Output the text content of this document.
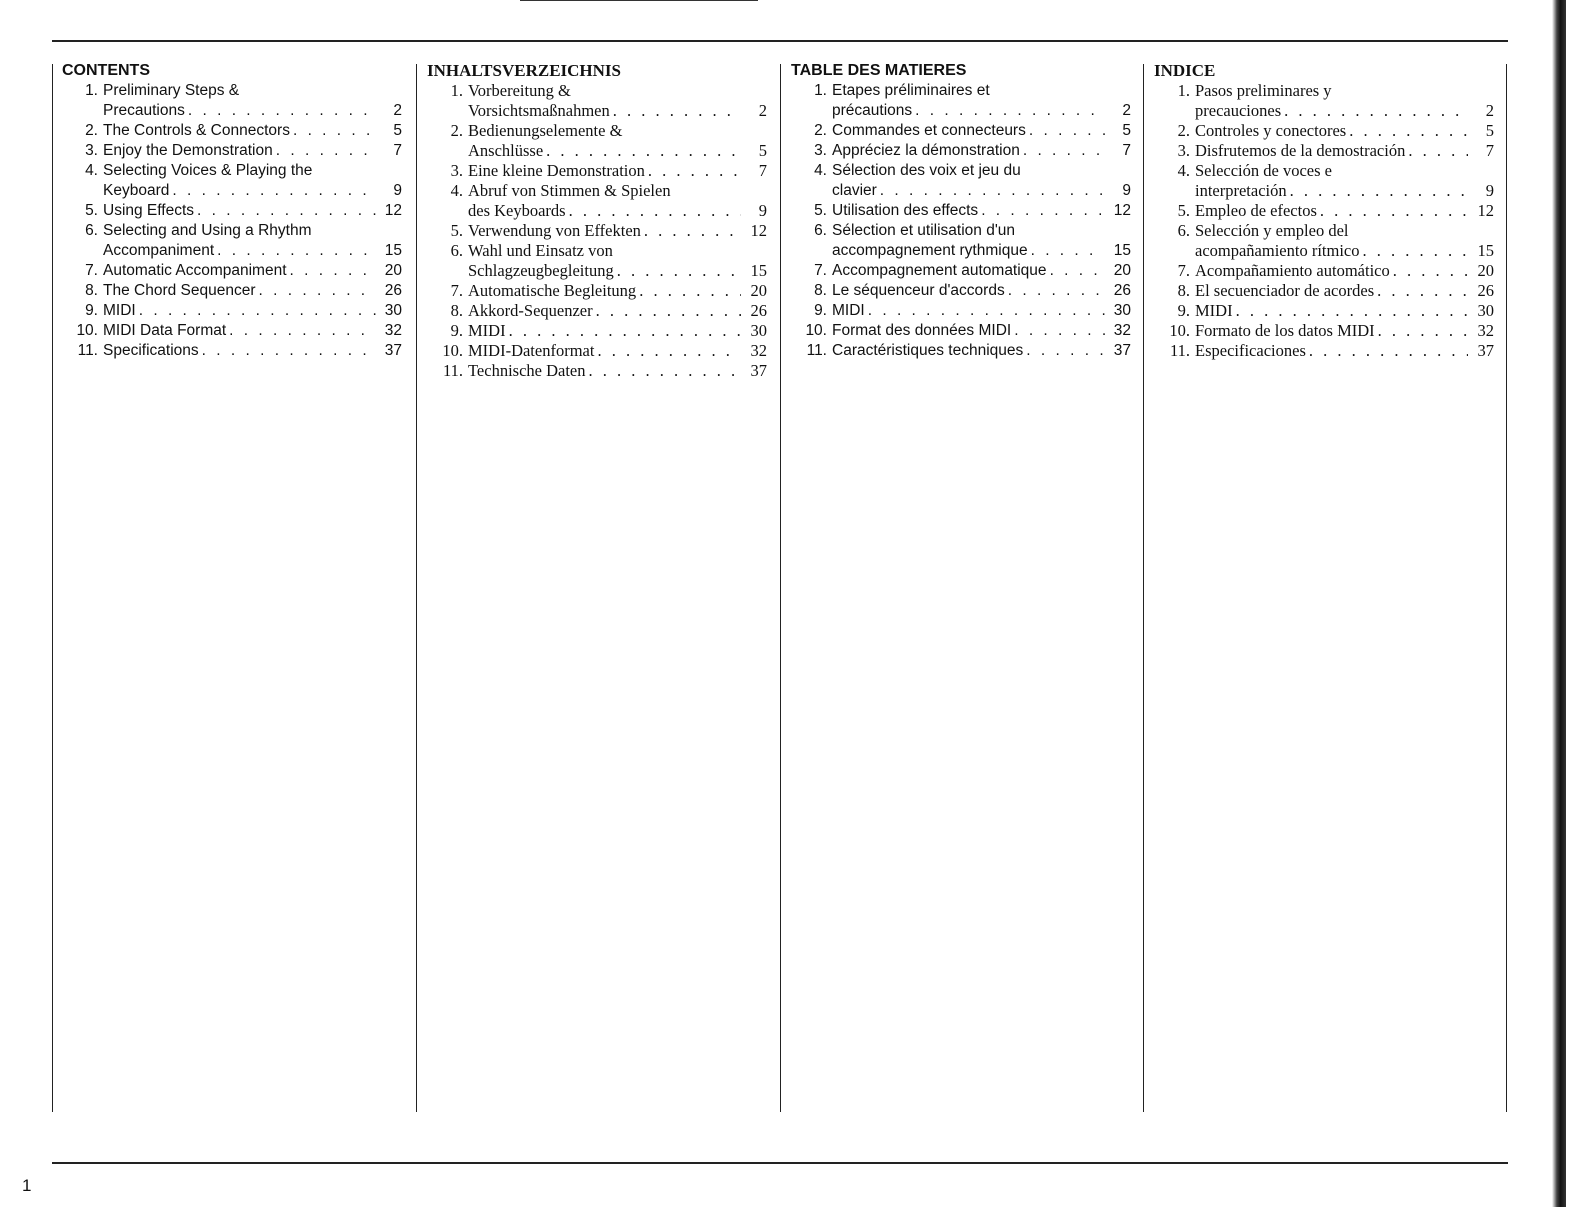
CONTENTS
1. Preliminary Steps &
Precautions . . .	2
2. The Controls & Connectors . . .	5
3. Enjoy the Demonstration . . .	7
4. Selecting Voices & Playing the
Keyboard . . .	9
5. Using Effects . . .	12
6. Selecting and Using a Rhythm
Accompaniment . . .	15
7. Automatic Accompaniment . . .	20
8. The Chord Sequencer . . .	26
9. MIDI . . .	30
10. MIDI Data Format . . .	32
11. Specifications . . .	37
INHALTSVERZEICHNIS
1. Vorbereitung &
Vorsichtsmaßnahmen . . .	2
2. Bedienungselemente &
Anschlüsse . . .	5
3. Eine kleine Demonstration . . .	7
4. Abruf von Stimmen & Spielen
des Keyboards . . .	9
5. Verwendung von Effekten . . .	12
6. Wahl und Einsatz von
Schlagzeugbegleitung . . .	15
7. Automatische Begleitung . . .	20
8. Akkord-Sequenzer . . .	26
9. MIDI . . .	30
10. MIDI-Datenformat . . .	32
11. Technische Daten . . .	37
TABLE DES MATIERES
1. Etapes préliminaires et
précautions . . .	2
2. Commandes et connecteurs . . .	5
3. Appréciez la démonstration . . .	7
4. Sélection des voix et jeu du
clavier . . .	9
5. Utilisation des effects . . .	12
6. Sélection et utilisation d'un
accompagnement rythmique . . .	15
7. Accompagnement automatique . . .	20
8. Le séquenceur d'accords . . .	26
9. MIDI . . .	30
10. Format des données MIDI . . .	32
11. Caractéristiques techniques . . .	37
INDICE
1. Pasos preliminares y
precauciones . . .	2
2. Controles y conectores . . .	5
3. Disfrutemos de la demostración . . .	7
4. Selección de voces e
interpretación . . .	9
5. Empleo de efectos . . .	12
6. Selección y empleo del
acompañamiento rítmico . . .	15
7. Acompañamiento automático . . .	20
8. El secuenciador de acordes . . .	26
9. MIDI . . .	30
10. Formato de los datos MIDI . . .	32
11. Especificaciones . . .	37
1
